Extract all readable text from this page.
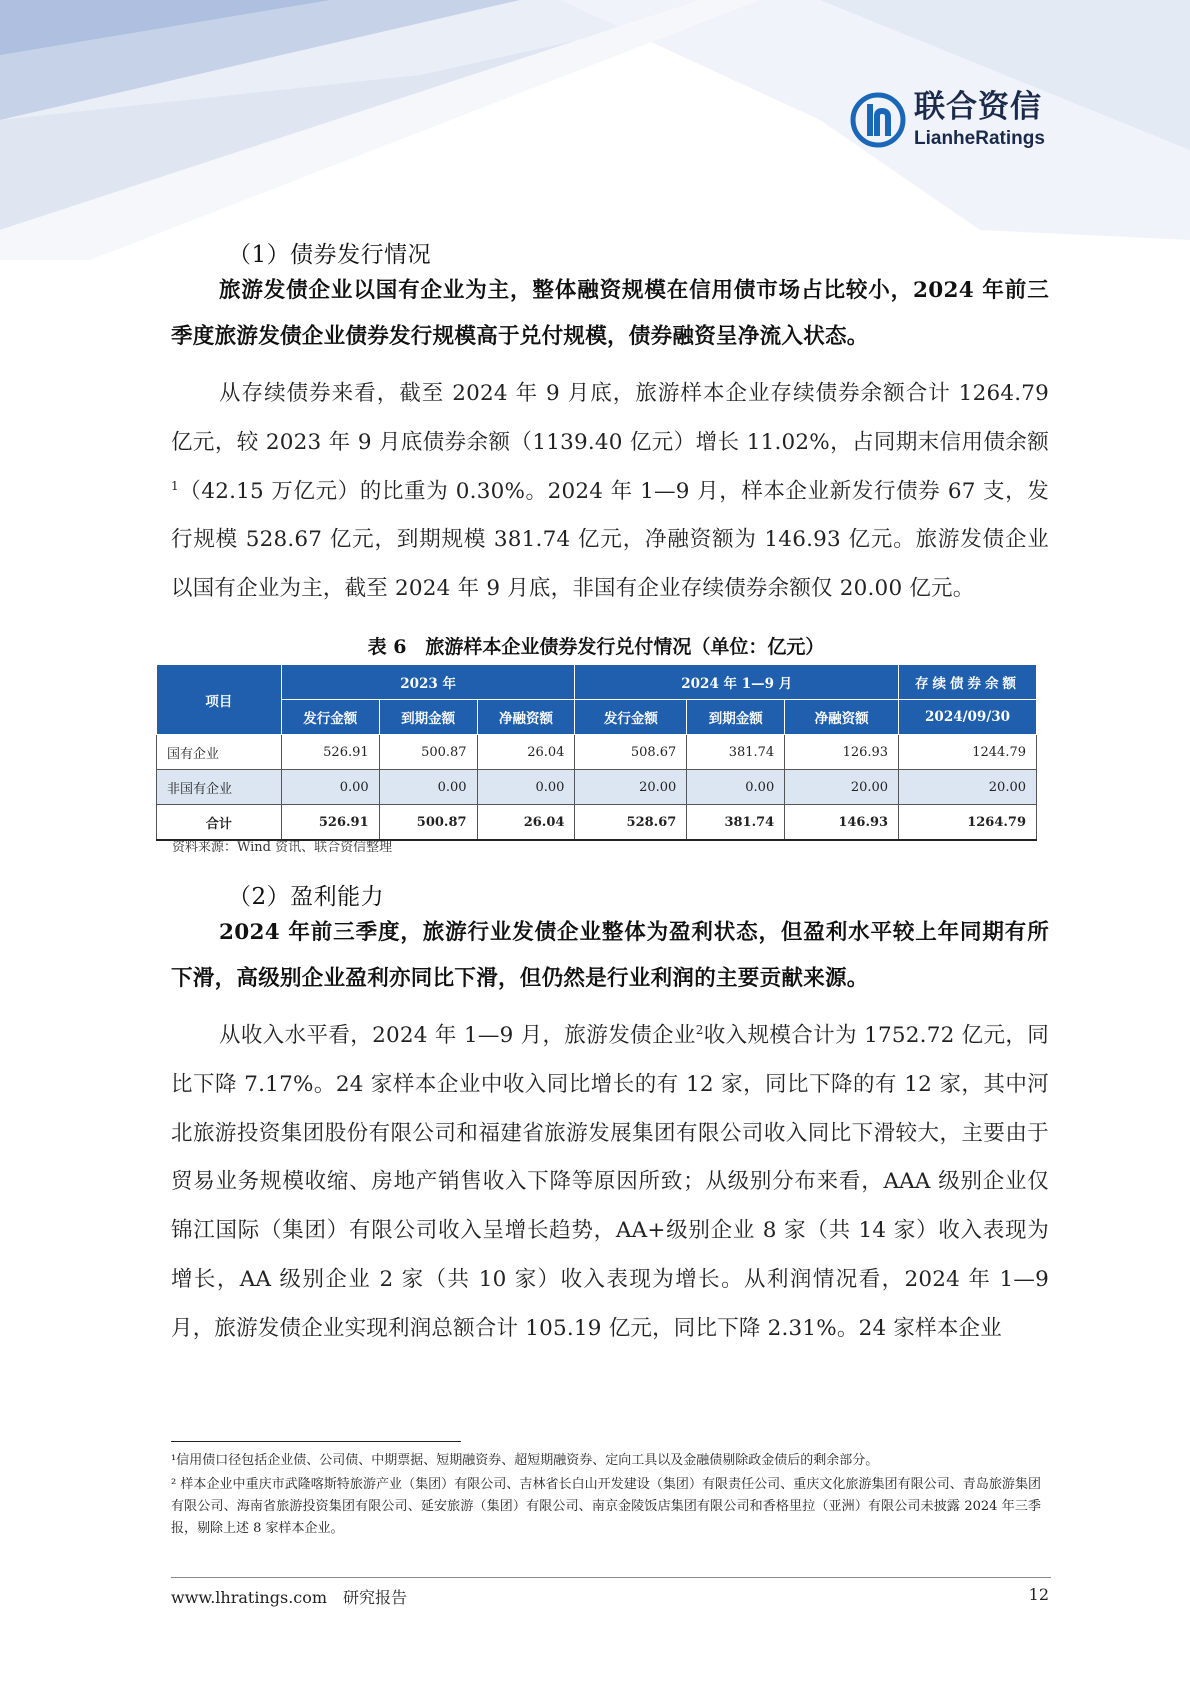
联合资信
LianheRatings
（1）债券发行情况
旅游发债企业以国有企业为主，整体融资规模在信用债市场占比较小，2024 年前三季度旅游发债企业债券发行规模高于兑付规模，债券融资呈净流入状态。
从存续债券来看，截至 2024 年 9 月底，旅游样本企业存续债券余额合计 1264.79 亿元，较 2023 年 9 月底债券余额（1139.40 亿元）增长 11.02%，占同期末信用债余额$^1$（42.15 万亿元）的比重为 0.30%。2024 年 1—9 月，样本企业新发行债券 67 支，发行规模 528.67 亿元，到期规模 381.74 亿元，净融资额为 146.93 亿元。旅游发债企业以国有企业为主，截至 2024 年 9 月底，非国有企业存续债券余额仅 20.00 亿元。
表 6　旅游样本企业债券发行兑付情况（单位：亿元）
项目	2023 年			2024 年 1—9 月			存续债券余额
	发行金额	到期金额	净融资额	发行金额	到期金额	净融资额	2024/09/30
国有企业	526.91	500.87	26.04	508.67	381.74	126.93	1244.79
非国有企业	0.00	0.00	0.00	20.00	0.00	20.00	20.00
合计	526.91	500.87	26.04	528.67	381.74	146.93	1264.79
资料来源：Wind 资讯、联合资信整理
（2）盈利能力
2024 年前三季度，旅游行业发债企业整体为盈利状态，但盈利水平较上年同期有所下滑，高级别企业盈利亦同比下滑，但仍然是行业利润的主要贡献来源。
从收入水平看，2024 年 1—9 月，旅游发债企业$^2$收入规模合计为 1752.72 亿元，同比下降 7.17%。24 家样本企业中收入同比增长的有 12 家，同比下降的有 12 家，其中河北旅游投资集团股份有限公司和福建省旅游发展集团有限公司收入同比下滑较大，主要由于贸易业务规模收缩、房地产销售收入下降等原因所致；从级别分布来看，AAA 级别企业仅锦江国际（集团）有限公司收入呈增长趋势，AA+级别企业 8 家（共 14 家）收入表现为增长，AA 级别企业 2 家（共 10 家）收入表现为增长。从利润情况看，2024 年 1—9 月，旅游发债企业实现利润总额合计 105.19 亿元，同比下降 2.31%。24 家样本企业
¹信用债口径包括企业债、公司债、中期票据、短期融资券、超短期融资券、定向工具以及金融债剔除政金债后的剩余部分。
² 样本企业中重庆市武隆喀斯特旅游产业（集团）有限公司、吉林省长白山开发建设（集团）有限责任公司、重庆文化旅游集团有限公司、青岛旅游集团有限公司、海南省旅游投资集团有限公司、延安旅游（集团）有限公司、南京金陵饭店集团有限公司和香格里拉（亚洲）有限公司未披露 2024 年三季报，剔除上述 8 家样本企业。
www.lhratings.com　研究报告	12
